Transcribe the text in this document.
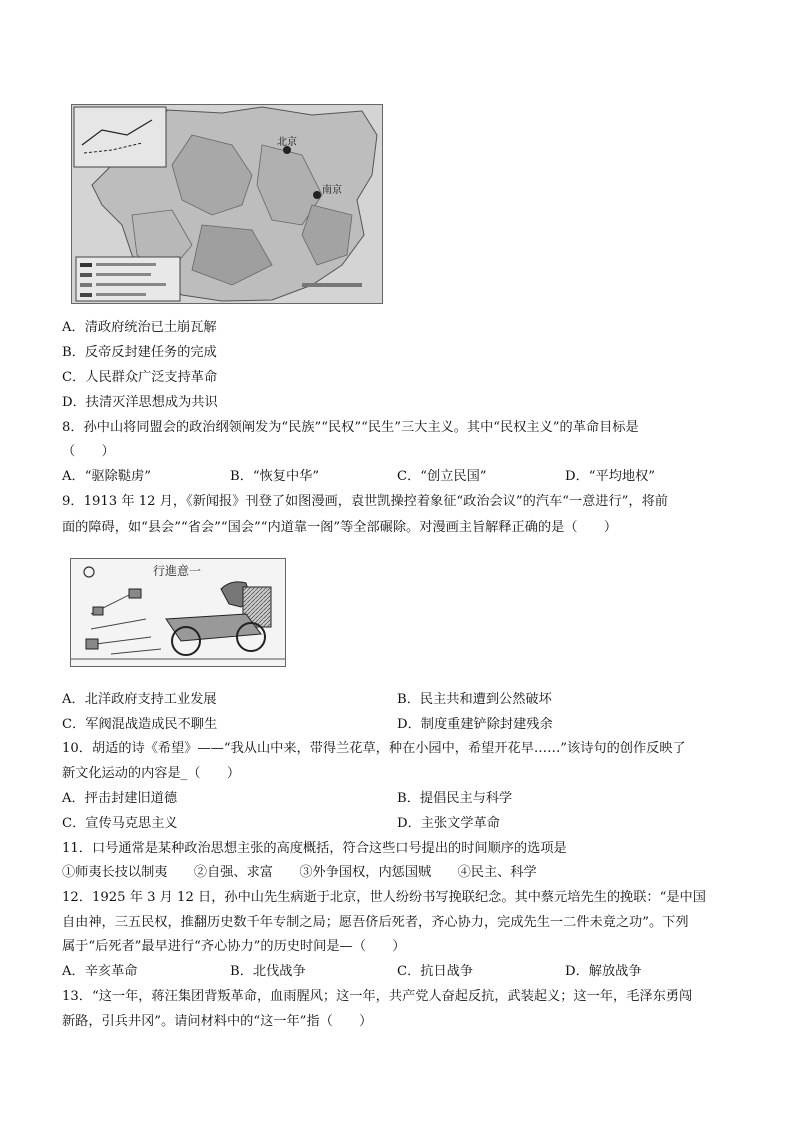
北京
南京
A．清政府统治已土崩瓦解
B．反帝反封建任务的完成
C．人民群众广泛支持革命
D．扶清灭洋思想成为共识
8．孙中山将同盟会的政治纲领阐发为“民族”“民权”“民生”三大主义。其中“民权主义”的革命目标是
（　　）
A．“驱除鞑虏”	B．“恢复中华”	C．“创立民国”	D．“平均地权”
9．1913 年 12 月，《新闻报》刊登了如图漫画，袁世凯操控着象征“政治会议”的汽车“一意进行”，将前
面的障碍，如“县会”“省会”“国会”“内道靠一阁”等全部碾除。对漫画主旨解释正确的是（　　）
行進意一
A．北洋政府支持工业发展	B．民主共和遭到公然破坏
C．军阀混战造成民不聊生	D．制度重建铲除封建残余
10．胡适的诗《希望》——“我从山中来，带得兰花草，种在小园中，希望开花早……”该诗句的创作反映了
新文化运动的内容是_（　　）
A．抨击封建旧道德	B．提倡民主与科学
C．宣传马克思主义	D．主张文学革命
11．口号通常是某种政治思想主张的高度概括，符合这些口号提出的时间顺序的选项是
①师夷长技以制夷　　②自强、求富　　③外争国权，内惩国贼　　④民主、科学
12．1925 年 3 月 12 日，孙中山先生病逝于北京，世人纷纷书写挽联纪念。其中蔡元培先生的挽联：“是中国
自由神，三五民权，推翻历史数千年专制之局；愿吾侪后死者，齐心协力，完成先生一二件未竟之功”。下列
属于“后死者”最早进行“齐心协力”的历史时间是—（　　）
A．辛亥革命	B．北伐战争	C．抗日战争	D．解放战争
13．“这一年，蒋汪集团背叛革命，血雨腥风；这一年，共产党人奋起反抗，武装起义；这一年，毛泽东勇闯
新路，引兵井冈”。请问材料中的“这一年”指（　　）
